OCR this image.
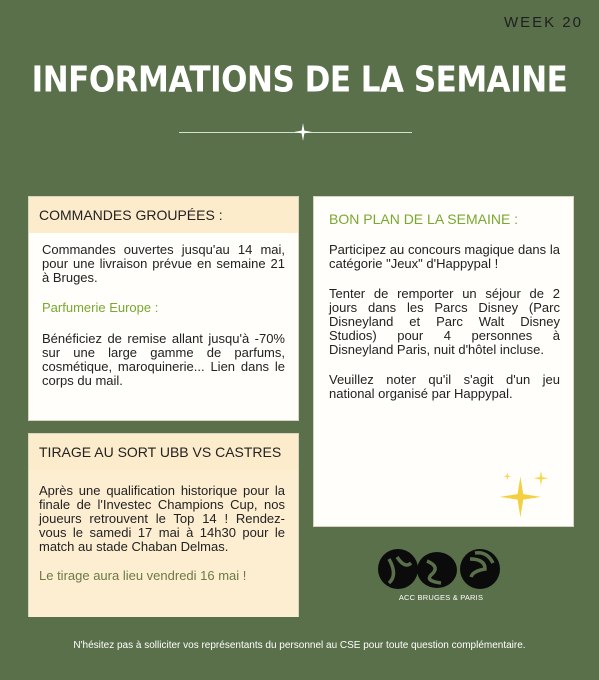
WEEK 20
INFORMATIONS DE LA SEMAINE
COMMANDES GROUPÉES :
Commandes ouvertes jusqu'au 14 mai, pour une livraison prévue en semaine 21 à Bruges.
Parfumerie Europe :
Bénéficiez de remise allant jusqu'à -70% sur une large gamme de parfums, cosmétique, maroquinerie... Lien dans le corps du mail.
TIRAGE AU SORT UBB VS CASTRES
Après une qualification historique pour la finale de l'Investec Champions Cup, nos joueurs retrouvent le Top 14 ! Rendez-vous le samedi 17 mai à 14h30 pour le match au stade Chaban Delmas.
Le tirage aura lieu vendredi 16 mai !
BON PLAN DE LA SEMAINE :
Participez au concours magique dans la catégorie "Jeux" d'Happypal !
Tenter de remporter un séjour de 2 jours dans les Parcs Disney (Parc Disneyland et Parc Walt Disney Studios) pour 4 personnes à Disneyland Paris, nuit d'hôtel incluse.
Veuillez noter qu'il s'agit d'un jeu national organisé par Happypal.
ACC BRUGES & PARIS
N'hésitez pas à solliciter vos représentants du personnel au CSE pour toute question complémentaire.
